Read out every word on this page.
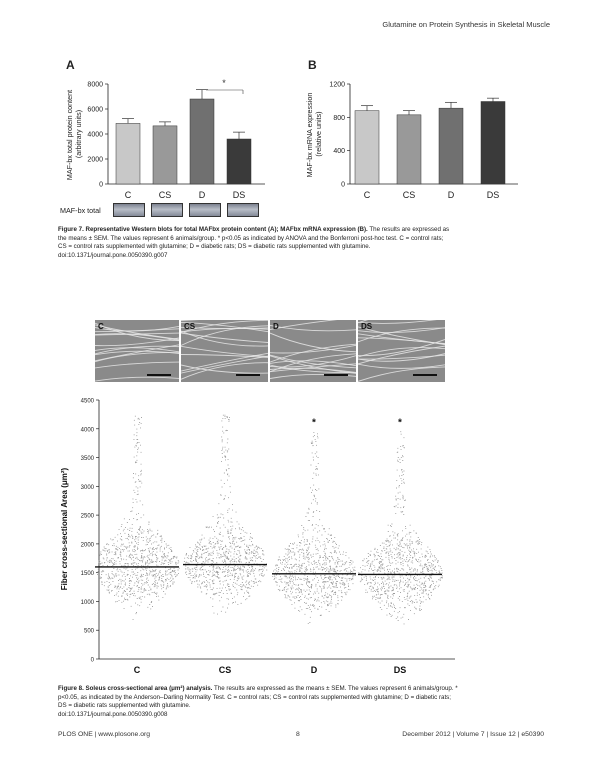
Glutamine on Protein Synthesis in Skeletal Muscle
A	B
0
2000
4000
6000
8000
C	CS	D	DS
*
MAF-bx total protein content (arbitrary units)
MAF-bx total
0
400
800
1200
C	CS	D	DS
MAF-bx mRNA expression (relative units)
Figure 7. Representative Western blots for total MAFbx protein content (A); MAFbx mRNA expression (B). The results are expressed as
the means ± SEM. The values represent 6 animals/group. * p<0.05 as indicated by ANOVA and the Bonferroni post-hoc test. C = control rats;
CS = control rats supplemented with glutamine; D = diabetic rats; DS = diabetic rats supplemented with glutamine.
doi:10.1371/journal.pone.0050390.g007
C	CS	D	DS
0
500
1000
1500
2000
2500
3000
3500
4000
4500
*	*
C	CS	D	DS
Fiber cross-sectional Area (μm²)
Figure 8. Soleus cross-sectional area (μm²) analysis. The results are expressed as the means ± SEM. The values represent 6 animals/group. *
p<0.05, as indicated by the Anderson–Darling Normality Test. C = control rats; CS = control rats supplemented with glutamine; D = diabetic rats;
DS = diabetic rats supplemented with glutamine.
doi:10.1371/journal.pone.0050390.g008
PLOS ONE | www.plosone.org	8	December 2012 | Volume 7 | Issue 12 | e50390
